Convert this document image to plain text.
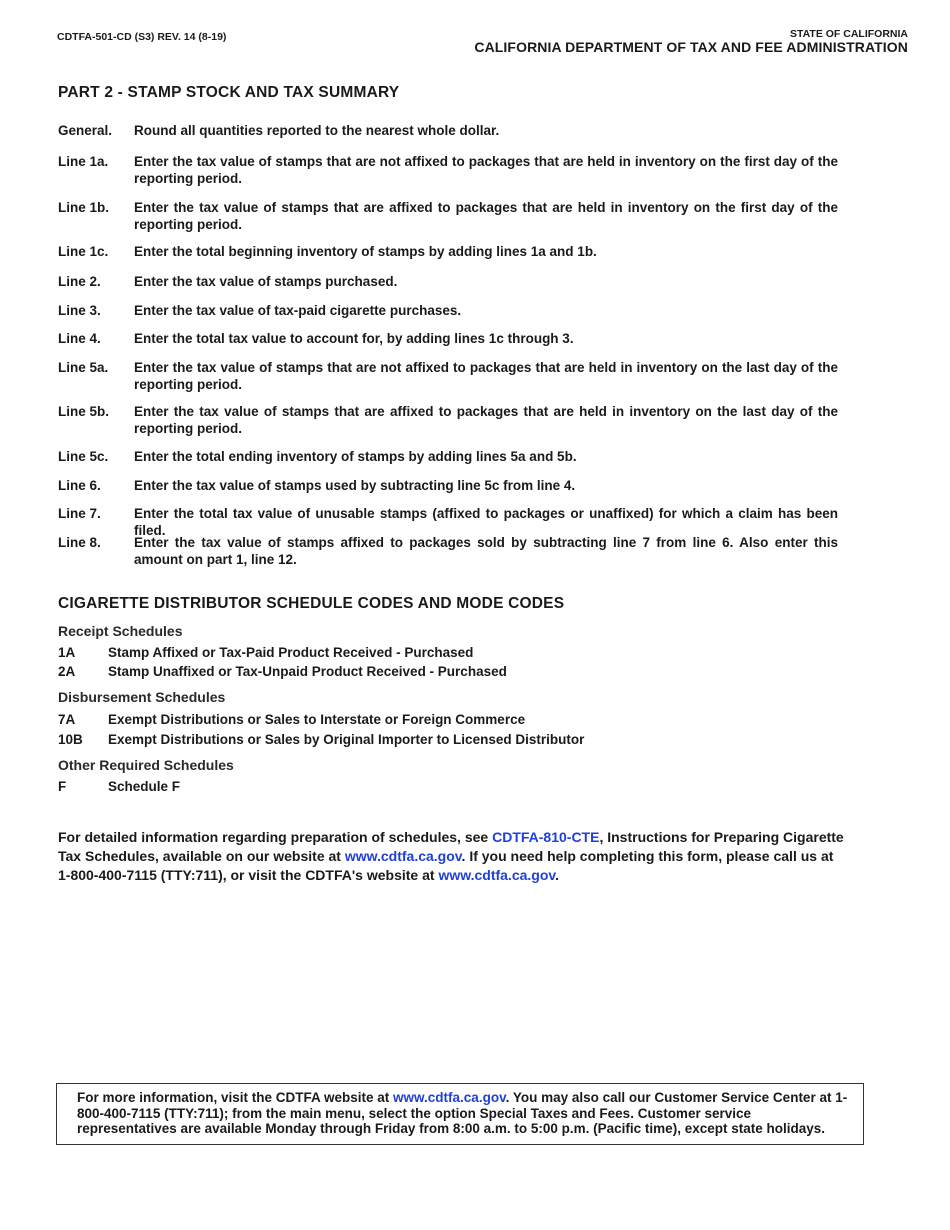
CDTFA-501-CD (S3) REV. 14 (8-19)	STATE OF CALIFORNIA
CALIFORNIA DEPARTMENT OF TAX AND FEE ADMINISTRATION
PART 2 - STAMP STOCK AND TAX SUMMARY
General. Round all quantities reported to the nearest whole dollar.
Line 1a. Enter the tax value of stamps that are not affixed to packages that are held in inventory on the first day of the reporting period.
Line 1b. Enter the tax value of stamps that are affixed to packages that are held in inventory on the first day of the reporting period.
Line 1c. Enter the total beginning inventory of stamps by adding lines 1a and 1b.
Line 2. Enter the tax value of stamps purchased.
Line 3. Enter the tax value of tax-paid cigarette purchases.
Line 4. Enter the total tax value to account for, by adding lines 1c through 3.
Line 5a. Enter the tax value of stamps that are not affixed to packages that are held in inventory on the last day of the reporting period.
Line 5b. Enter the tax value of stamps that are affixed to packages that are held in inventory on the last day of the reporting period.
Line 5c. Enter the total ending inventory of stamps by adding lines 5a and 5b.
Line 6. Enter the tax value of stamps used by subtracting line 5c from line 4.
Line 7. Enter the total tax value of unusable stamps (affixed to packages or unaffixed) for which a claim has been filed.
Line 8. Enter the tax value of stamps affixed to packages sold by subtracting line 7 from line 6. Also enter this amount on part 1, line 12.
CIGARETTE DISTRIBUTOR SCHEDULE CODES AND MODE CODES
Receipt Schedules
1A Stamp Affixed or Tax-Paid Product Received - Purchased
2A Stamp Unaffixed or Tax-Unpaid Product Received - Purchased
Disbursement Schedules
7A Exempt Distributions or Sales to Interstate or Foreign Commerce
10B Exempt Distributions or Sales by Original Importer to Licensed Distributor
Other Required Schedules
F	Schedule F
For detailed information regarding preparation of schedules, see CDTFA-810-CTE, Instructions for Preparing Cigarette Tax Schedules, available on our website at www.cdtfa.ca.gov. If you need help completing this form, please call us at 1-800-400-7115 (TTY:711), or visit the CDTFA's website at www.cdtfa.ca.gov.
For more information, visit the CDTFA website at www.cdtfa.ca.gov. You may also call our Customer Service Center at 1-800-400-7115 (TTY:711); from the main menu, select the option Special Taxes and Fees. Customer service representatives are available Monday through Friday from 8:00 a.m. to 5:00 p.m. (Pacific time), except state holidays.
